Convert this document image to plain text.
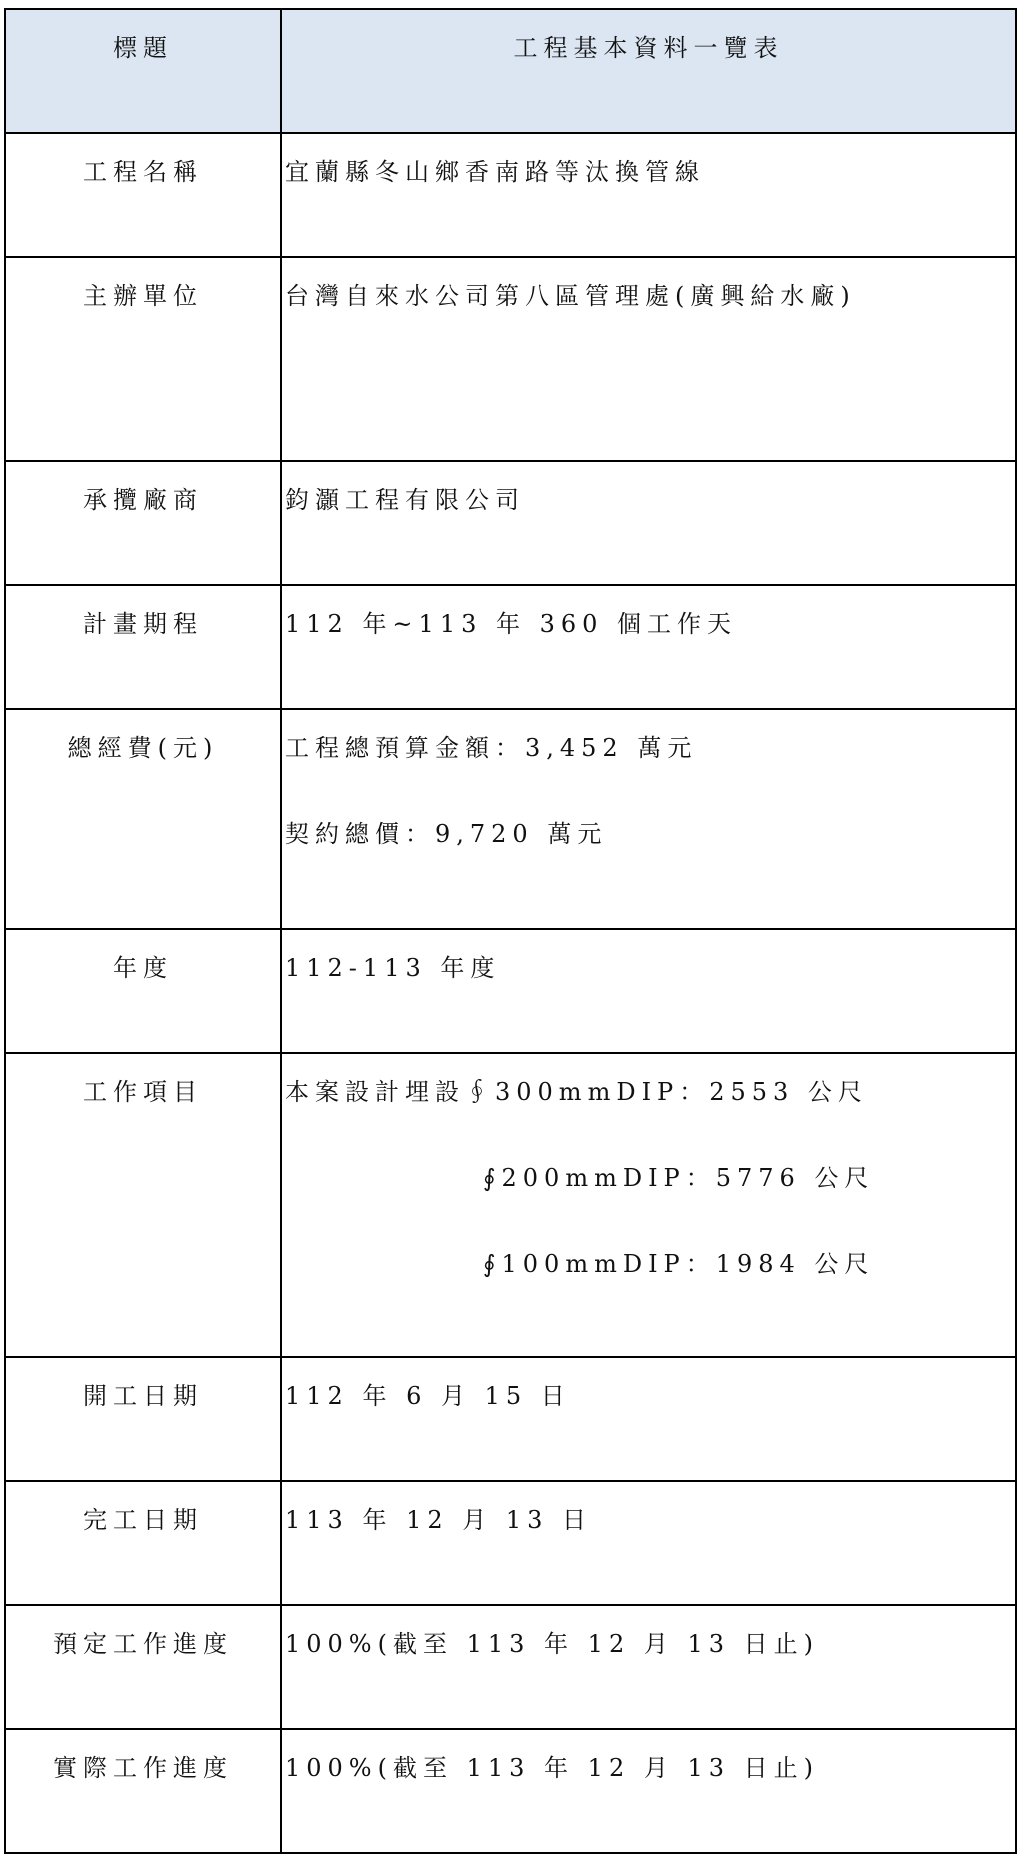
標題	工程基本資料一覽表
工程名稱	宜蘭縣冬山鄉香南路等汰換管線

主辦單位	台灣自來水公司第八區管理處(廣興給水廠)

承攬廠商	鈞灝工程有限公司

計畫期程	112 年~113 年 360 個工作天

總經費(元)	工程總預算金額：3,452 萬元
契約總價：9,720 萬元

年度	112-113 年度

工作項目	本案設計埋設∮300mmDIP：2553 公尺
∮200mmDIP：5776 公尺
∮100mmDIP：1984 公尺

開工日期	112 年 6 月 15 日

完工日期	113 年 12 月 13 日

預定工作進度	100%(截至 113 年 12 月 13 日止)

實際工作進度	100%(截至 113 年 12 月 13 日止)
